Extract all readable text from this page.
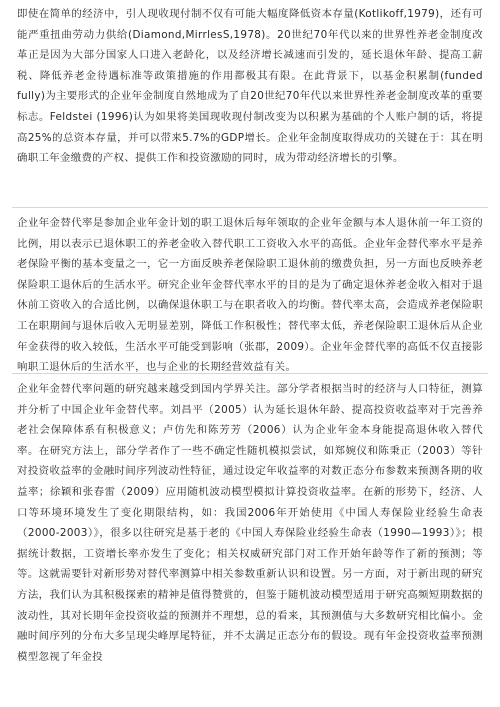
即使在简单的经济中，引人现收现付制不仅有可能大幅度降低资本存量(Kotlikoff,1979)，还有可能严重扭曲劳动力供给(Diamond,MirrlesS,1978)。20世纪70年代以来的世界性养老金制度改革正是因为大部分国家人口进入老龄化，以及经济增长减速而引发的，延长退休年龄、提高工薪税、降低养老金待遇标准等政策措施的作用都极其有限。在此背景下，以基金积累制(funded fully)为主要形式的企业年金制度自然地成为了自20世纪70年代以来世界性养老金制度改革的重要标志。Feldstei (1996)认为如果将美国现收现付制改变为以积累为基础的个人账户制的话，将提高25%的总资本存量，并可以带来5.7%的GDP增长。企业年金制度取得成功的关键在于：其在明确职工年金缴费的产权、提供工作和投资激励的同时，成为带动经济增长的引擎。

企业年金替代率是参加企业年金计划的职工退休后每年领取的企业年金额与本人退休前一年工资的比例，用以表示已退休职工的养老金收入替代职工工资收入水平的高低。企业年金替代率水平是养老保险平衡的基本变量之一，它一方面反映养老保险职工退休前的缴费负担，另一方面也反映养老保险职工退休后的生活水平。研究企业年金替代率水平的目的是为了确定退休养老金收入相对于退休前工资收入的合适比例，以确保退休职工与在职者收入的均衡。替代率太高，会造成养老保险职工在职期间与退休后收入无明显差别，降低工作积极性；替代率太低，养老保险职工退休后从企业年金获得的收入较低，生活水平可能受到影响（张郡，2009）。企业年金替代率的高低不仅直接影响职工退休后的生活水平，也与企业的长期经营效益有关。

企业年金替代率问题的研究越来越受到国内学界关注。部分学者根据当时的经济与人口特征，测算并分析了中国企业年金替代率。刘昌平（2005）认为延长退休年龄、提高投资收益率对于完善养老社会保障体系有积极意义；卢仿先和陈芳芳（2006）认为企业年金本身能提高退休收入替代率。在研究方法上，部分学者作了一些不确定性随机模拟尝试，如郑婉仪和陈秉正（2003）等针对投资收益率的金融时间序列波动性特征，通过设定年收益率的对数正态分布参数来预测各期的收益率；徐颖和张春雷（2009）应用随机波动模型模拟计算投资收益率。在新的形势下，经济、人口等环境环境发生了变化期限结构，如：我国2006年开始使用《中国人寿保险业经验生命表（2000-2003）》，很多以往研究是基于老的《中国人寿保险业经验生命表（1990—1993）》；根据统计数据，工资增长率亦发生了变化；相关权威研究部门对工作开始年龄等作了新的预测；等等。这就需要针对新形势对替代率测算中相关参数重新认识和设置。另一方面，对于新出现的研究方法，我们认为其积极探索的精神是值得赞赏的，但鉴于随机波动模型适用于研究高频短期数据的波动性，其对长期年金投资收益的预测并不理想，总的看来，其预测值与大多数研究相比偏小。金融时间序列的分布大多呈现尖峰厚尾特征，并不太满足正态分布的假设。现有年金投资收益率预测模型忽视了年金投
